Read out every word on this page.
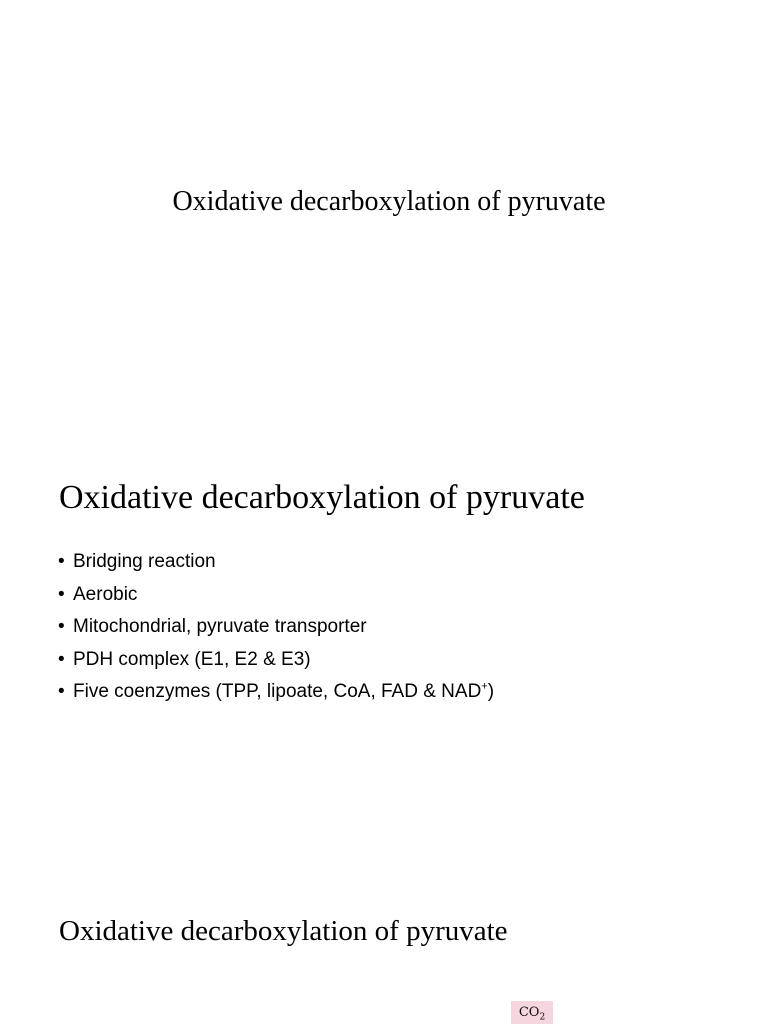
Oxidative decarboxylation of pyruvate
Oxidative decarboxylation of pyruvate
• Bridging reaction
• Aerobic
• Mitochondrial, pyruvate transporter
• PDH complex (E1, E2 & E3)
• Five coenzymes (TPP, lipoate, CoA, FAD & NAD+)
Oxidative decarboxylation of pyruvate
$CO_2$
